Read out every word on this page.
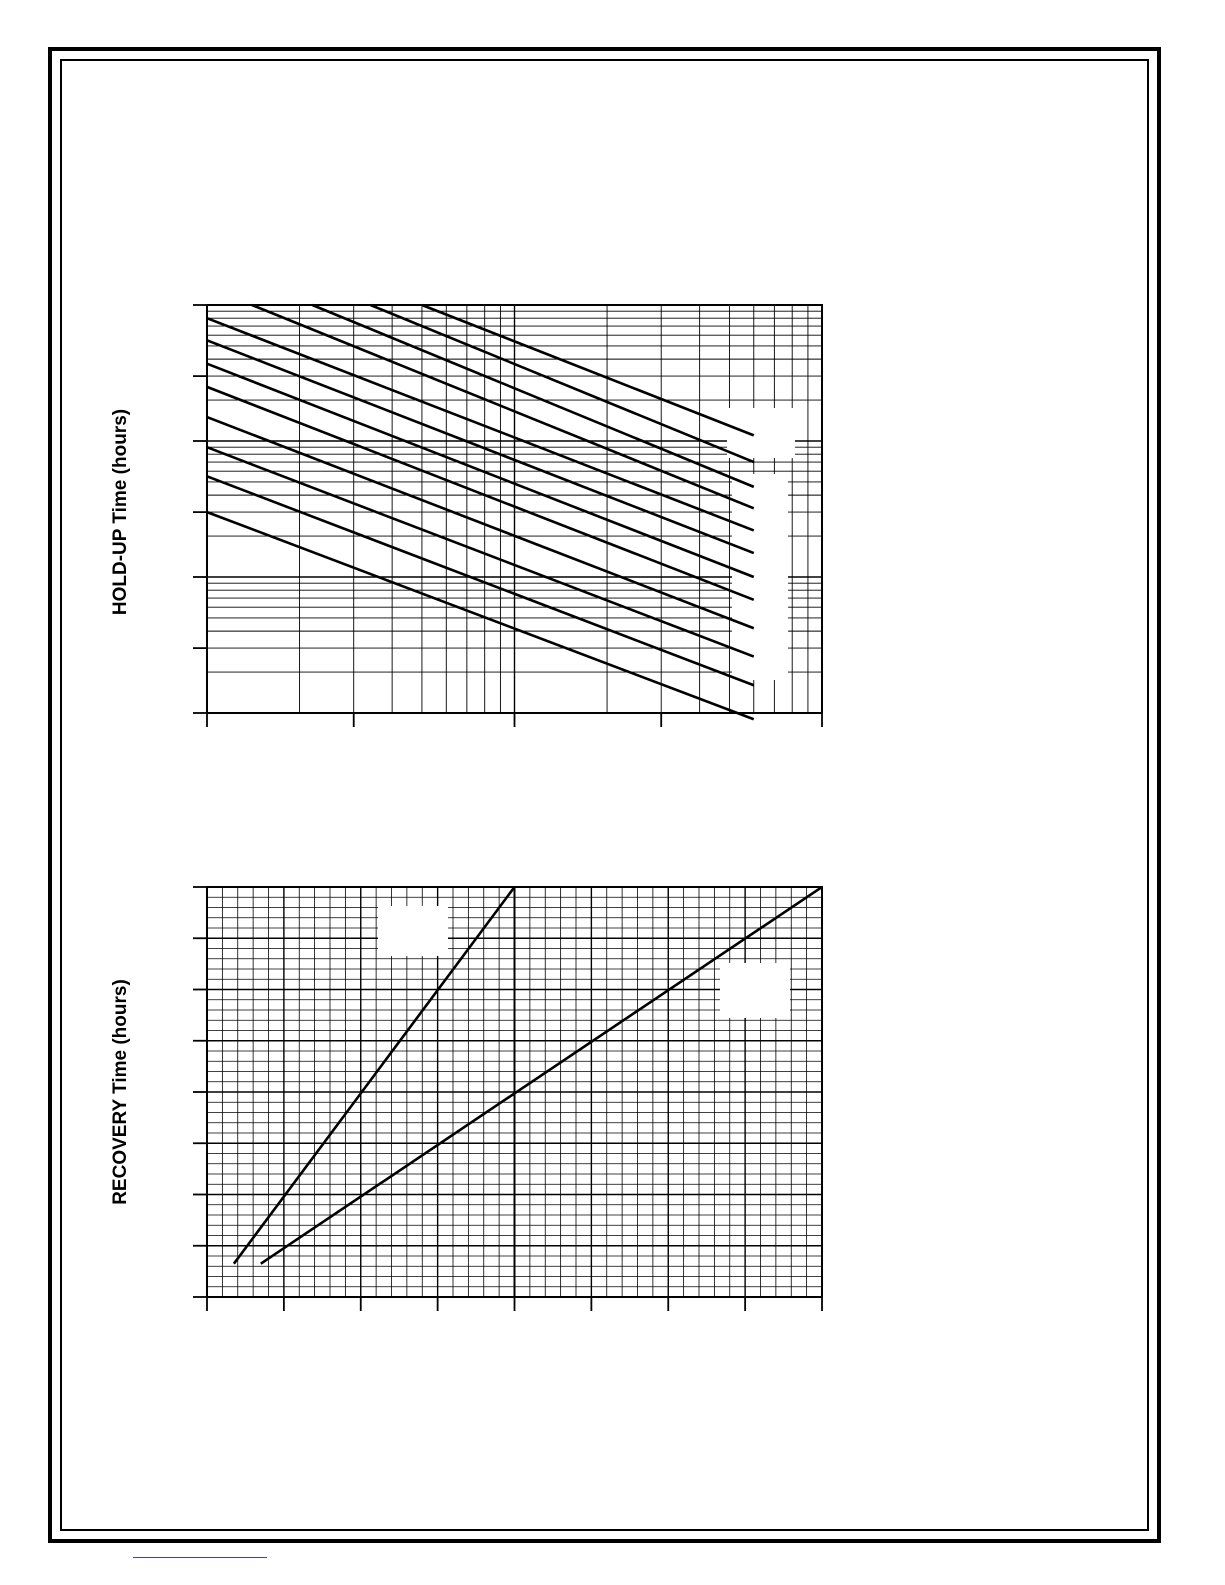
HOLD-UP Time (hours)
RECOVERY Time (hours)
